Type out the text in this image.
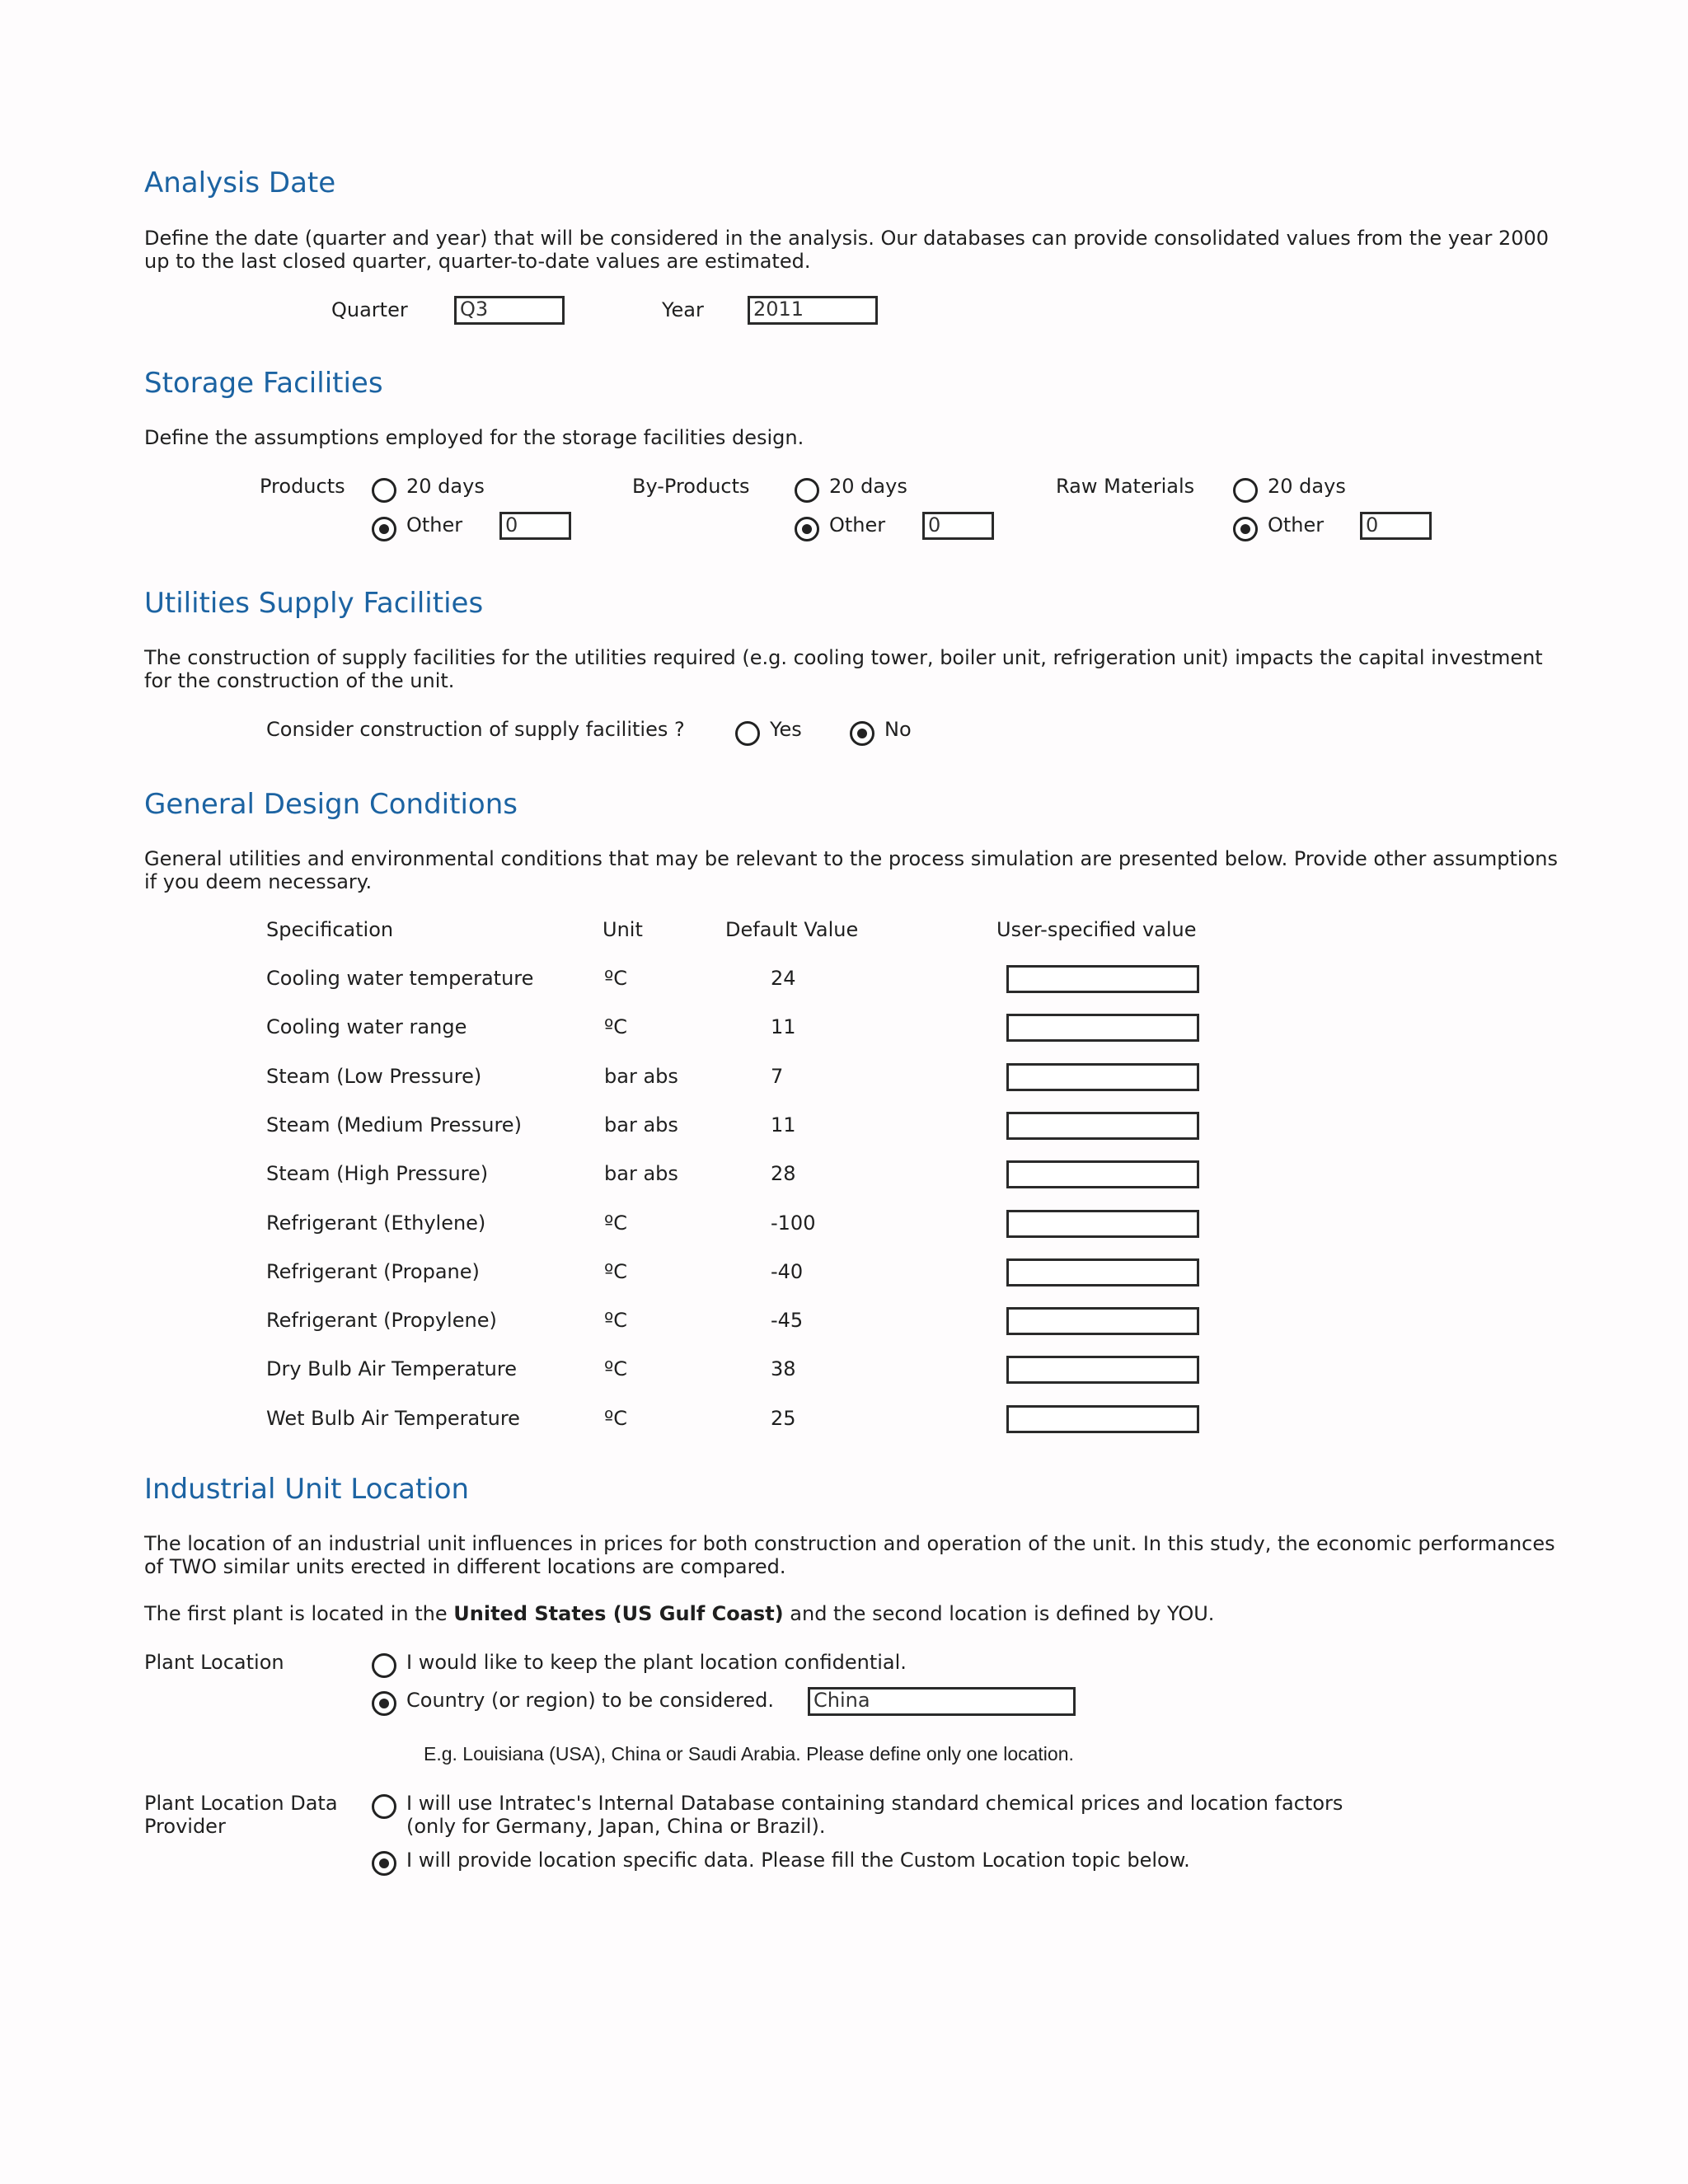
Analysis Date

Define the date (quarter and year) that will be considered in the analysis. Our databases can provide consolidated values from the year 2000 up to the last closed quarter, quarter-to-date values are estimated.

Quarter	Q3	Year	2011
Storage Facilities

Define the assumptions employed for the storage facilities design.

Products	20 days
Other 0
By-Products	20 days
Other 0
Raw Materials	20 days
Other 0
Utilities Supply Facilities

The construction of supply facilities for the utilities required (e.g. cooling tower, boiler unit, refrigeration unit) impacts the capital investment for the construction of the unit.

Consider construction of supply facilities ?	Yes	No
General Design Conditions

General utilities and environmental conditions that may be relevant to the process simulation are presented below. Provide other assumptions if you deem necessary.

Specification	Unit	Default Value	User-specified value
Cooling water temperature	ºC	24
Cooling water range	ºC	11
Steam (Low Pressure)	bar abs	7
Steam (Medium Pressure)	bar abs	11
Steam (High Pressure)	bar abs	28
Refrigerant (Ethylene)	ºC	-100
Refrigerant (Propane)	ºC	-40
Refrigerant (Propylene)	ºC	-45
Dry Bulb Air Temperature	ºC	38
Wet Bulb Air Temperature	ºC	25
Industrial Unit Location

The location of an industrial unit influences in prices for both construction and operation of the unit. In this study, the economic performances of TWO similar units erected in different locations are compared.

The first plant is located in the United States (US Gulf Coast) and the second location is defined by YOU.

Plant Location	I would like to keep the plant location confidential.
Country (or region) to be considered. China
E.g. Louisiana (USA), China or Saudi Arabia. Please define only one location.
Plant Location Data
Provider
I will use Intratec's Internal Database containing standard chemical prices and location factors
(only for Germany, Japan, China or Brazil).
I will provide location specific data. Please fill the Custom Location topic below.
